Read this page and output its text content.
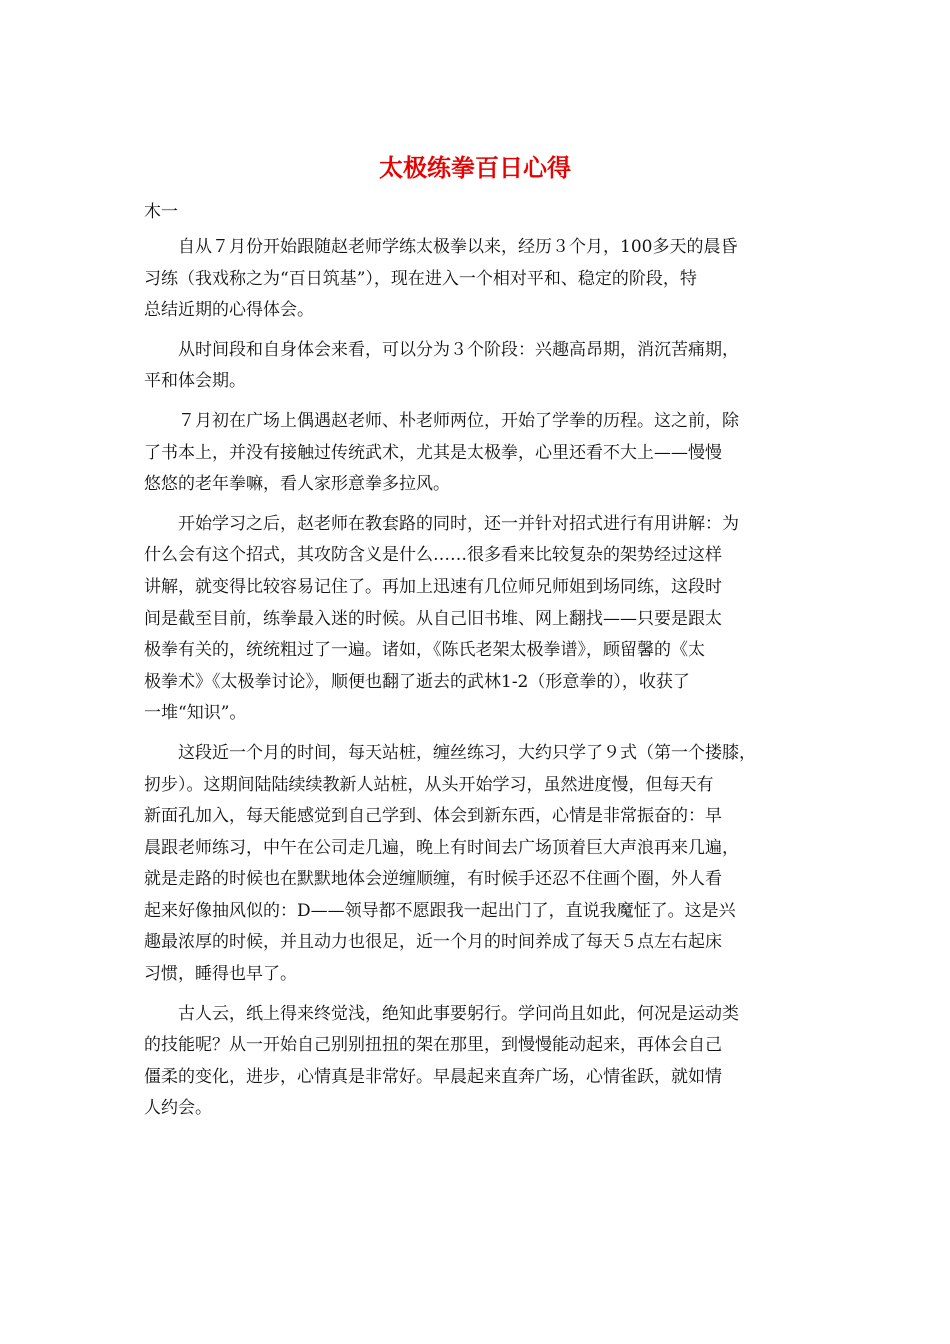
太极练拳百日心得
木一

　　自从７月份开始跟随赵老师学练太极拳以来，经历３个月，100多天的晨昏
习练（我戏称之为“百日筑基”），现在进入一个相对平和、稳定的阶段，特
总结近期的心得体会。

　　从时间段和自身体会来看，可以分为３个阶段：兴趣高昂期，消沉苦痛期，
平和体会期。

　　７月初在广场上偶遇赵老师、朴老师两位，开始了学拳的历程。这之前，除
了书本上，并没有接触过传统武术，尤其是太极拳，心里还看不大上——慢慢
悠悠的老年拳嘛，看人家形意拳多拉风。

　　开始学习之后，赵老师在教套路的同时，还一并针对招式进行有用讲解：为
什么会有这个招式，其攻防含义是什么……很多看来比较复杂的架势经过这样
讲解，就变得比较容易记住了。再加上迅速有几位师兄师姐到场同练，这段时
间是截至目前，练拳最入迷的时候。从自己旧书堆、网上翻找——只要是跟太
极拳有关的，统统粗过了一遍。诸如，《陈氏老架太极拳谱》，顾留馨的《太
极拳术》《太极拳讨论》，顺便也翻了逝去的武林1-2（形意拳的），收获了
一堆“知识”。

　　这段近一个月的时间，每天站桩，缠丝练习，大约只学了９式（第一个搂膝，
扨步）。这期间陆陆续续教新人站桩，从头开始学习，虽然进度慢，但每天有
新面孔加入，每天能感觉到自己学到、体会到新东西，心情是非常振奋的：早
晨跟老师练习，中午在公司走几遍，晚上有时间去广场顶着巨大声浪再来几遍，
就是走路的时候也在默默地体会逆缠顺缠，有时候手还忍不住画个圈，外人看
起来好像抽风似的：D——领导都不愿跟我一起出门了，直说我魔怔了。这是兴
趣最浓厚的时候，并且动力也很足，近一个月的时间养成了每天５点左右起床
习惯，睡得也早了。

　　古人云，纸上得来终觉浅，绝知此事要躬行。学问尚且如此，何况是运动类
的技能呢？从一开始自己别别扭扭的架在那里，到慢慢能动起来，再体会自己
僵柔的变化，进步，心情真是非常好。早晨起来直奔广场，心情雀跃，就如情
人约会。
